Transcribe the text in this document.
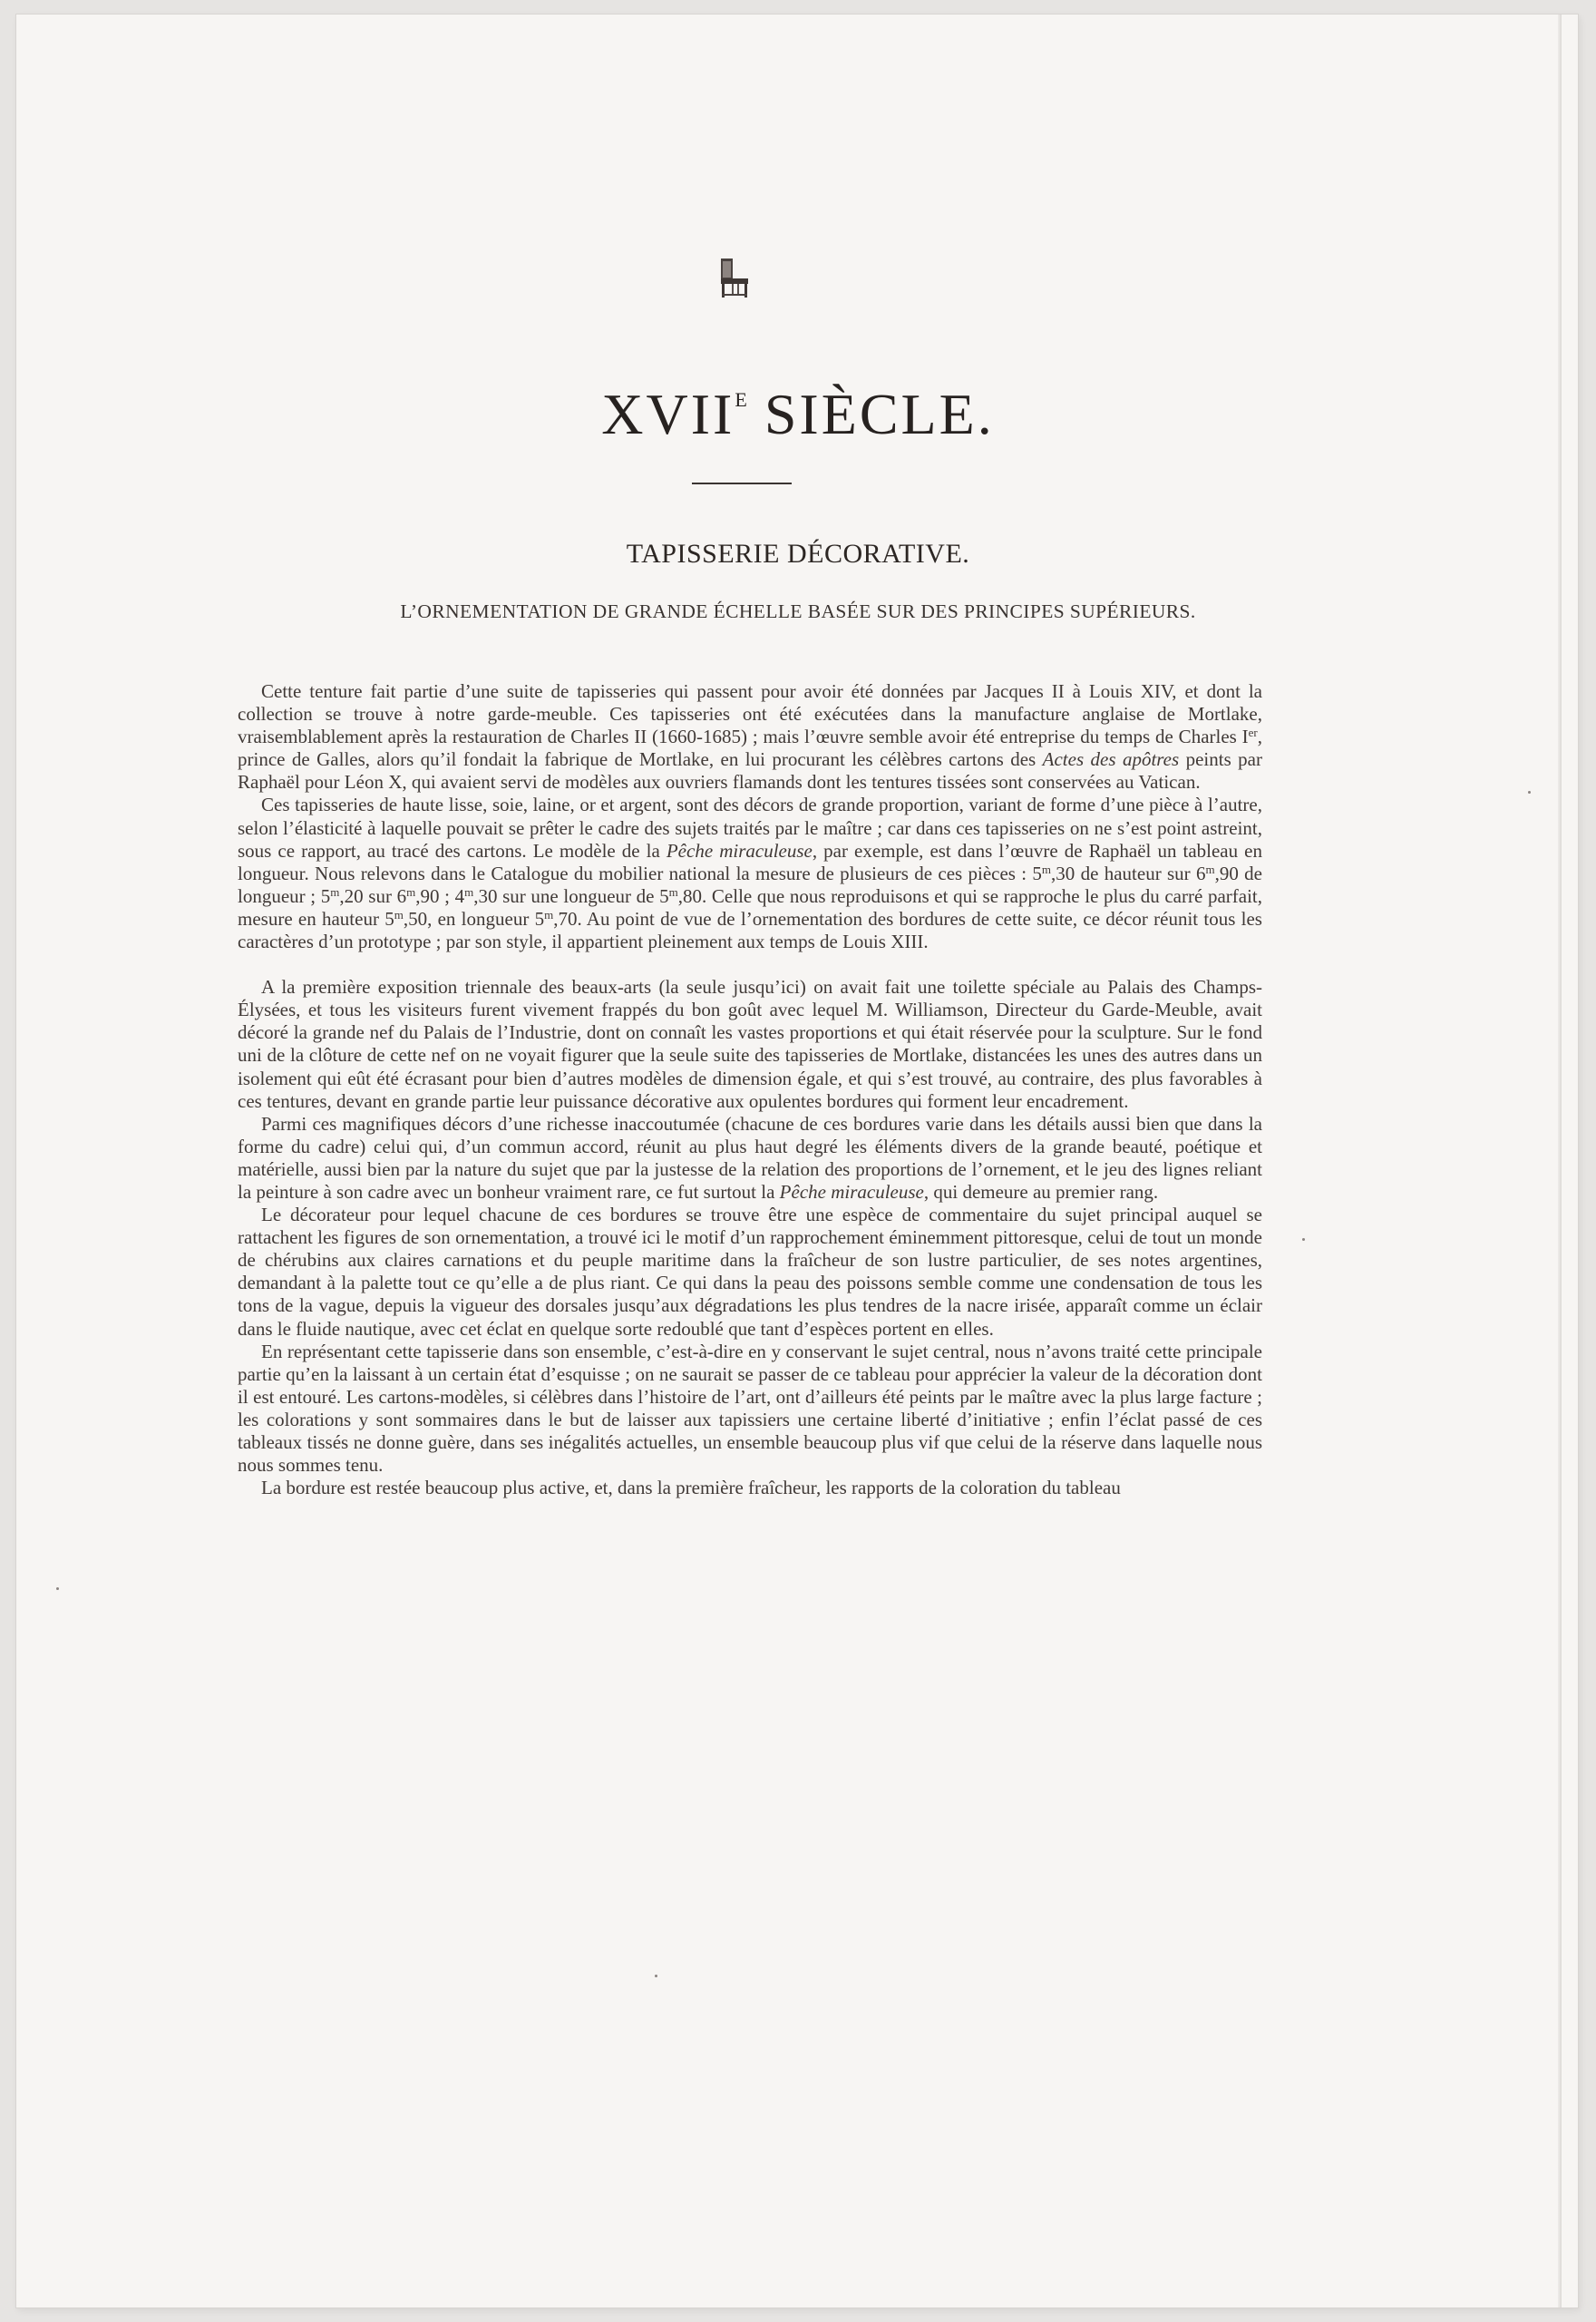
$XVII^E$ SIÈCLE.
TAPISSERIE DÉCORATIVE.
L’ORNEMENTATION DE GRANDE ÉCHELLE BASÉE SUR DES PRINCIPES SUPÉRIEURS.

Cette tenture fait partie d’une suite de tapisseries qui passent pour avoir été données par Jacques II à Louis XIV, et dont la collection se trouve à notre garde-meuble. Ces tapisseries ont été exécutées dans la manufacture anglaise de Mortlake, vraisemblablement après la restauration de Charles II (1660-1685) ; mais l’œuvre semble avoir été entreprise du temps de Charles Ier, prince de Galles, alors qu’il fondait la fabrique de Mortlake, en lui procurant les célèbres cartons des Actes des apôtres peints par Raphaël pour Léon X, qui avaient servi de modèles aux ouvriers flamands dont les tentures tissées sont conservées au Vatican.

Ces tapisseries de haute lisse, soie, laine, or et argent, sont des décors de grande proportion, variant de forme d’une pièce à l’autre, selon l’élasticité à laquelle pouvait se prêter le cadre des sujets traités par le maître ; car dans ces tapisseries on ne s’est point astreint, sous ce rapport, au tracé des cartons. Le modèle de la Pêche miraculeuse, par exemple, est dans l’œuvre de Raphaël un tableau en longueur. Nous relevons dans le Catalogue du mobilier national la mesure de plusieurs de ces pièces : 5$^m$,30 de hauteur sur 6$^m$,90 de longueur ; 5$^m$,20 sur 6$^m$,90 ; 4$^m$,30 sur une longueur de 5$^m$,80. Celle que nous reproduisons et qui se rapproche le plus du carré parfait, mesure en hauteur 5$^m$,50, en longueur 5$^m$,70. Au point de vue de l’ornementation des bordures de cette suite, ce décor réunit tous les caractères d’un prototype ; par son style, il appartient pleinement aux temps de Louis XIII.

A la première exposition triennale des beaux-arts (la seule jusqu’ici) on avait fait une toilette spéciale au Palais des Champs-Élysées, et tous les visiteurs furent vivement frappés du bon goût avec lequel M. Williamson, Directeur du Garde-Meuble, avait décoré la grande nef du Palais de l’Industrie, dont on connaît les vastes proportions et qui était réservée pour la sculpture. Sur le fond uni de la clôture de cette nef on ne voyait figurer que la seule suite des tapisseries de Mortlake, distancées les unes des autres dans un isolement qui eût été écrasant pour bien d’autres modèles de dimension égale, et qui s’est trouvé, au contraire, des plus favorables à ces tentures, devant en grande partie leur puissance décorative aux opulentes bordures qui forment leur encadrement.

Parmi ces magnifiques décors d’une richesse inaccoutumée (chacune de ces bordures varie dans les détails aussi bien que dans la forme du cadre) celui qui, d’un commun accord, réunit au plus haut degré les éléments divers de la grande beauté, poétique et matérielle, aussi bien par la nature du sujet que par la justesse de la relation des proportions de l’ornement, et le jeu des lignes reliant la peinture à son cadre avec un bonheur vraiment rare, ce fut surtout la Pêche miraculeuse, qui demeure au premier rang.

Le décorateur pour lequel chacune de ces bordures se trouve être une espèce de commentaire du sujet principal auquel se rattachent les figures de son ornementation, a trouvé ici le motif d’un rapprochement éminemment pittoresque, celui de tout un monde de chérubins aux claires carnations et du peuple maritime dans la fraîcheur de son lustre particulier, de ses notes argentines, demandant à la palette tout ce qu’elle a de plus riant. Ce qui dans la peau des poissons semble comme une condensation de tous les tons de la vague, depuis la vigueur des dorsales jusqu’aux dégradations les plus tendres de la nacre irisée, apparaît comme un éclair dans le fluide nautique, avec cet éclat en quelque sorte redoublé que tant d’espèces portent en elles.

En représentant cette tapisserie dans son ensemble, c’est-à-dire en y conservant le sujet central, nous n’avons traité cette principale partie qu’en la laissant à un certain état d’esquisse ; on ne saurait se passer de ce tableau pour apprécier la valeur de la décoration dont il est entouré. Les cartons-modèles, si célèbres dans l’histoire de l’art, ont d’ailleurs été peints par le maître avec la plus large facture ; les colorations y sont sommaires dans le but de laisser aux tapissiers une certaine liberté d’initiative ; enfin l’éclat passé de ces tableaux tissés ne donne guère, dans ses inégalités actuelles, un ensemble beaucoup plus vif que celui de la réserve dans laquelle nous nous sommes tenu.

La bordure est restée beaucoup plus active, et, dans la première fraîcheur, les rapports de la coloration du tableau
